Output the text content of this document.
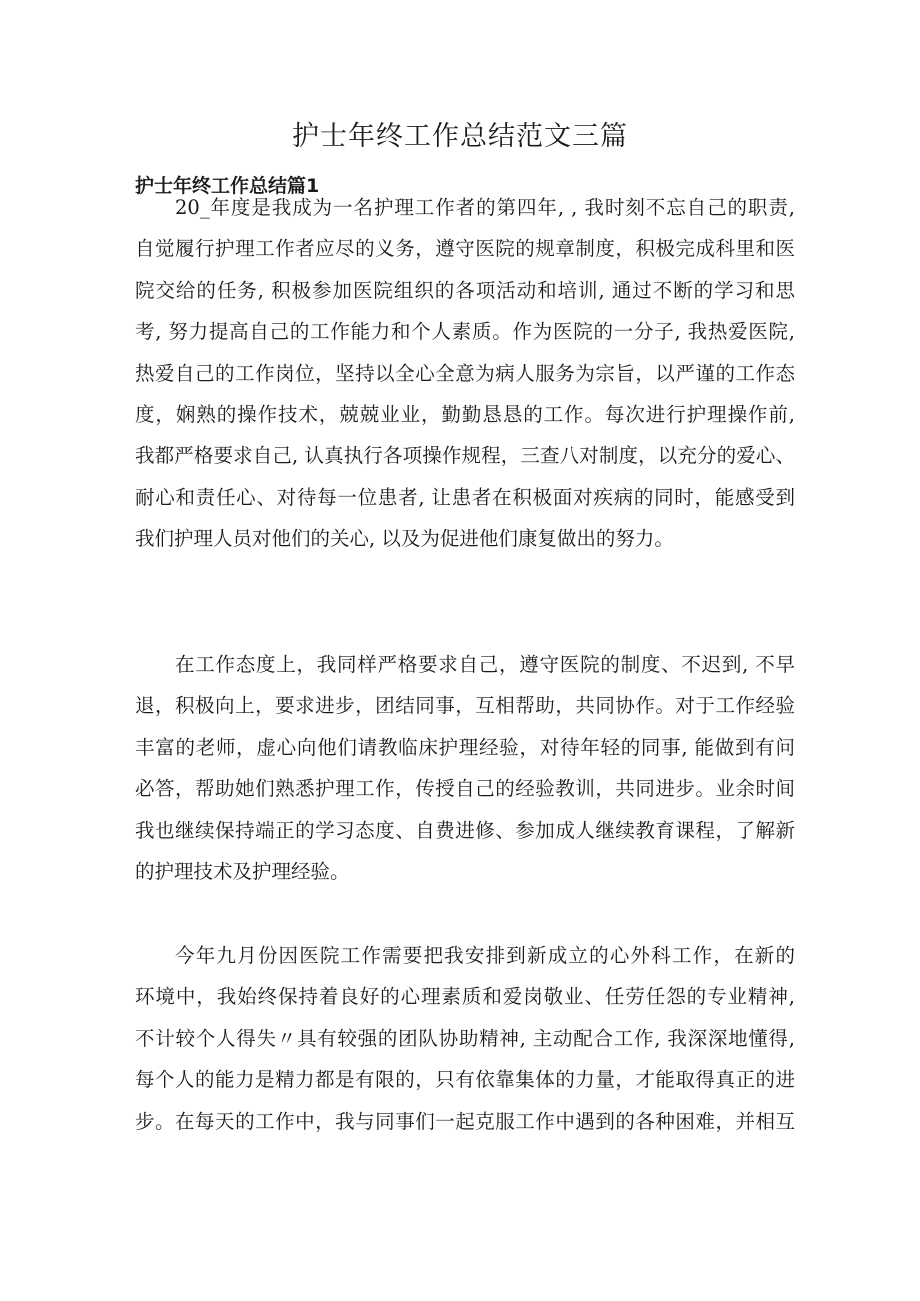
护士年终工作总结范文三篇
护士年终工作总结篇1
20_年度是我成为一名护理工作者的第四年, , 我时刻不忘自己的职责,
自觉履行护理工作者应尽的义务，遵守医院的规章制度，积极完成科里和医
院交给的任务, 积极参加医院组织的各项活动和培训, 通过不断的学习和思
考, 努力提高自己的工作能力和个人素质。作为医院的一分子, 我热爱医院,
热爱自己的工作岗位，坚持以全心全意为病人服务为宗旨，以严谨的工作态
度，娴熟的操作技术，兢兢业业，勤勤恳恳的工作。每次进行护理操作前,
我都严格要求自己, 认真执行各项操作规程，三查八对制度，以充分的爱心、
耐心和责任心、对待每一位患者, 让患者在积极面对疾病的同时，能感受到
我们护理人员对他们的关心, 以及为促进他们康复做出的努力。
在工作态度上，我同样严格要求自己，遵守医院的制度、不迟到, 不早
退，积极向上，要求进步，团结同事，互相帮助，共同协作。对于工作经验
丰富的老师，虚心向他们请教临床护理经验，对待年轻的同事, 能做到有问
必答，帮助她们熟悉护理工作，传授自己的经验教训，共同进步。业余时间
我也继续保持端正的学习态度、自费进修、参加成人继续教育课程，了解新
的护理技术及护理经验。
今年九月份因医院工作需要把我安排到新成立的心外科工作，在新的
环境中，我始终保持着良好的心理素质和爱岗敬业、任劳任怨的专业精神,
不计较个人得失〃具有较强的团队协助精神, 主动配合工作, 我深深地懂得,
每个人的能力是精力都是有限的，只有依靠集体的力量，才能取得真正的进
步。在每天的工作中，我与同事们一起克服工作中遇到的各种困难，并相互
